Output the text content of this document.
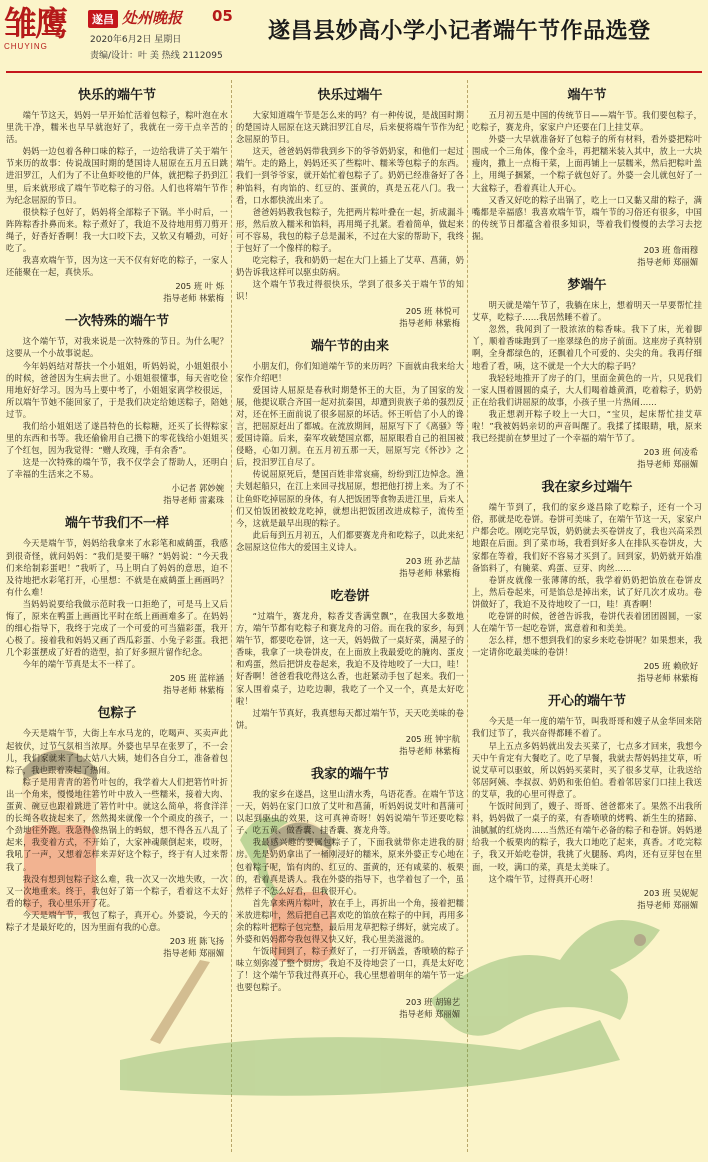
雏鹰
CHUYING
遂昌 处州晚报 05
2020年6月2日 星期日
责编/设计：叶 美 热线 2112095
遂昌县妙高小学小记者端午节作品选登
快乐的端午节

端午节这天，妈妈一早开始忙活着包粽子，粽叶泡在水里洗干净，糯米也早早就泡好了，我就在一旁干点辛苦的活。

妈妈一边包着各种口味的粽子，一边给我讲了关于端午节来历的故事：传说战国时期的楚国诗人屈原在五月五日跳进汨罗江，人们为了不让鱼虾咬他的尸体，就把粽子扔到江里，后来就形成了端午节吃粽子的习俗。人们也将端午节作为纪念屈原的节日。

很快粽子包好了，妈妈将全部粽子下锅。半小时后，一阵阵粽香扑鼻而来。粽子煮好了，我迫不及待地用剪刀剪开绳子，好香好香啊！我一大口咬下去，又软又有嚼劲，可好吃了。

我喜欢端午节，因为这一天不仅有好吃的粽子，一家人还能聚在一起，真快乐。

205 班 叶 烁
指导老师 林紫梅
一次特殊的端午节

这个端午节，对我来说是一次特殊的节日。为什么呢？这要从一个小故事说起。

今年妈妈结对帮扶一个小姐姐，听妈妈说，小姐姐很小的时候，爸爸因为生病去世了。小姐姐很懂事，每天省吃俭用地好好学习。因为马上要中考了，小姐姐家离学校很远，所以端午节她不能回家了，于是我们决定给她送粽子，陪她过节。

我们给小姐姐送了遂昌特色的长粽糖，还买了长得粽家里的东西和书等。我还偷偷用自己攒下的零花钱给小姐姐买了个红包，因为我觉得：“赠人玫瑰，手有余香”。

这是一次特殊的端午节，我不仅学会了帮助人，还明白了幸福的生活来之不易。

小记者 郭妙婉
指导老师 雷素珠
端午节我们不一样

今天是端午节，妈妈给我拿来了水彩笔和威鹤蛋，我感到很奇怪，就问妈妈：“我们是要干嘛？”妈妈说：“今天我们来给制彩蛋吧！”我听了，马上明白了妈妈的意思，迫不及待地把水彩笔打开，心里想：不就是在威鹤蛋上画画吗？有什么难！

当妈妈说要给我做示范时我一口拒绝了，可是马上又后悔了，原来在鸭蛋上画画比平时在纸上画画难多了。在妈妈的细心指导下，我终于完成了一个可爱的可当猫彩蛋，我开心极了。接着我和妈妈又画了西瓜彩蛋、小兔子彩蛋。我把几个彩蛋摆成了好看的造型，拍了好多照片留作纪念。

今年的端午节真是太不一样了。

205 班 蓝梓涵
指导老师 林紫梅
包粽子

今天是端午节，大街上车水马龙的，吃喝声、买卖声此起彼伏，过节气氛相当浓厚。外婆也早早在张罗了，不一会儿，我们家就来了七大姑八大姨，她们各自分工，准备着包粽子，我也跟着凑起了热闹。

粽子是用青青的箬竹叶包的，我学着大人们把箬竹叶折出一个角来，慢慢地往箬竹叶中放入一些糯米，接着大肉、蛋黄、碗豆也跟着跳进了箬竹叶中。就这么简单，将食洋洋的长绳各收拢起来了，然然揭来就像一个个顽皮的孩子，一个劲地往外跑。我急得像热锅上的蚂蚁，想不得各五八乱了起来，我变着方式，不开始了，大家神魂颠倒起来，哎呀，我吼了一声，又想着怎样来弄好这个粽子，终于有人过来帮我了。

我没有想到包粽子这么难，我一次又一次地失败，一次又一次地重来。终于，我包好了第一个粽子，看着这不太好看的粽子，我心里乐开了花。

今天是端午节，我包了粽子，真开心。外婆说，今天的粽子才是最好吃的，因为里面有我的心意。

203 班 陈飞扬
指导老师 郑丽媚
快乐过端午

大家知道端午节是怎么来的吗？有一种传说，是战国时期的楚国诗人屈原在这天跳汨罗江自尽，后来便将端午节作为纪念屈原的节日。

这天，爸爸妈妈带我到乡下的爷爷奶奶家，和他们一起过端午。走的路上，妈妈还买了些粽叶、糯米等包粽子的东西。我们一到爷爷家，就开始忙着包粽子了。奶奶已经准备好了各种馅料，有肉馅的、红豆的、蛋黄的，真是五花八门。我一看，口水都快流出来了。

爸爸妈妈教我包粽子，先把两片粽叶叠在一起，折成漏斗形，然后放入糯米和馅料，再用绳子扎紧。看着简单，做起来可不容易，我包的粽子总是漏米，不过在大家的帮助下，我终于包好了一个像样的粽子。

吃完粽子，我和奶奶一起在大门上插上了艾草、菖蒲，奶奶告诉我这样可以驱虫防病。

这个端午节我过得很快乐，学到了很多关于端午节的知识！

205 班 林悦可
指导老师 林紫梅
端午节的由来

小朋友们，你们知道端午节的来历吗？下面就由我来给大家作介绍吧！

爱国诗人屈原是春秋时期楚怀王的大臣，为了国家的发展，他提议联合齐国一起对抗秦国，却遭到贵族子弟的强烈反对，还在怀王面前说了很多屈原的坏话。怀王听信了小人的谗言，把屈原赶出了都城。在流放期间，屈原写下了《离骚》等爱国诗篇。后来，秦军攻破楚国京都，屈原眼看自己的祖国被侵略，心如刀割。在五月初五那一天，屈原写完《怀沙》之后，投汨罗江自尽了。

传说屈原死后，楚国百姓非常哀痛，纷纷到江边悼念。渔夫划起船只，在江上来回寻找屈原，想把他打捞上来。为了不让鱼虾吃掉屈原的身体，有人把饭团等食物丢进江里，后来人们又怕饭团被蛟龙吃掉，就想出把饭团改进成粽子，流传至今，这就是最早出现的粽子。

此后每到五月初五，人们都要赛龙舟和吃粽子，以此来纪念屈原这位伟大的爱国主义诗人。

203 班 孙艺喆
指导老师 林紫梅
吃卷饼

“过端午，赛龙舟，粽香艾香满堂飘”，在我国大多数地方，端午节都有吃粽子和赛龙舟的习俗。而在我的家乡，每到端午节，都要吃卷饼，这一天，妈妈做了一桌好菜，满屋子的香味，我拿了一块卷饼皮，在上面放上我最爱吃的腌肉、蛋皮和鸡蛋，然后把饼皮卷起来，我迫不及待地咬了一大口，哇！好香啊！爸爸看我吃得这么香，也赶紧动手包了起来。我们一家人围着桌子，边吃边聊，我吃了一个又一个，真是太好吃啦！

过端午节真好，我真想每天都过端午节，天天吃美味的卷饼。

205 班 钟宇航
指导老师 林紫梅
我家的端午节

我的家乡在遂昌，这里山清水秀，鸟语花香。在端午节这一天，妈妈在家门口放了艾叶和菖蒲，听妈妈说艾叶和菖蒲可以起到驱虫的效果，这可真神奇呀！妈妈说端午节还要吃粽子、吃五黄、做香囊、挂香囊、赛龙舟等。

我最感兴趣的要属包粽子了，下面我就带你走进我的厨房。先是奶奶拿出了一桶刚浸好的糯米，原来外婆正专心地在包着粽子呢，馅有肉的、红豆的、蛋黄的，还有咸菜的、板栗的，看着真是诱人。我在外婆的指导下，也学着包了一个，虽然样子不怎么好看，但我很开心。

首先拿来两片粽叶，放在手上，再折出一个角，接着把糯米放进粽叶，然后把自己喜欢吃的馅放在粽子的中间，再用多余的粽叶把粽子包完整，最后用龙草把粽子绑好，就完成了。外婆和妈妈都夸我包得又快又好，我心里美滋滋的。

午饭时间到了，粽子煮好了，一打开锅盖，香喷喷的粽子味立刻弥漫了整个厨房，我迫不及待地尝了一口，真是太好吃了！这个端午节我过得真开心，我心里想着明年的端午节一定也要包粽子。

203 班 胡锦艺
指导老师 郑丽媚
端午节

五月初五是中国的传统节日——端午节。我们要包粽子，吃粽子，赛龙舟，家家户户还要在门上挂艾草。

外婆一大早就准备好了包粽子的所有材料，看外婆把粽叶围成一个三角体，像个金斗，再把糯米装入其中，放上一大块瘦肉，撒上一点梅干菜，上面再铺上一层糯米，然后把粽叶盖上，用绳子捆紧，一个粽子就包好了。外婆一会儿就包好了一大盆粽子，看着真让人开心。

又香又好吃的粽子出锅了，吃上一口又黏又甜的粽子，满嘴都是幸福感！我喜欢端午节，端午节的习俗还有很多，中国的传统节日都蕴含着很多知识，等着我们慢慢的去学习去挖掘。

203 班 詹雨穆
指导老师 郑丽媚
梦端午

明天就是端午节了，我躺在床上，想着明天一早要帮忙挂艾草，吃粽子……我居然睡不着了。

忽然，我闻到了一股浓浓的粽香味。我下了床，光着脚丫，顺着香味跑到了一座翠绿色的房子前面。这座房子真特别啊，全身都绿色的，还飘着几个可爱的、尖尖的角。我再仔细地看了看，咦，这不就是一个大大的粽子吗？

我轻轻地推开了房子的门，里面金黄色的一片，只见我们一家人围着圆圆的桌子，大人们喝着雄黄酒，吃着粽子，奶奶正在给我们讲屈原的故事，小孩子里一片热闹……

我正想剥开粽子咬上一大口，“宝贝，起床帮忙挂艾草啦！”我被妈妈亲切的声音叫醒了。我揉了揉眼睛，哦，原来我已经提前在梦里过了一个幸福的端午节了。

203 班 何凌希
指导老师 郑丽媚
我在家乡过端午

端午节到了，我们的家乡遂昌除了吃粽子，还有一个习俗，那就是吃卷饼。卷饼可美味了，在端午节这一天，家家户户都会吃。刚吃完早饭，奶奶就去买卷饼皮了，我也兴高采烈地跟在后面。到了菜市场，我看到好多人在排队买卷饼皮，大家都在等着，我们好不容易才买到了。回到家，奶奶就开始准备馅料了，有腌菜、鸡蛋、豆芽、肉丝……

卷饼皮就像一张薄薄的纸，我学着奶奶把馅放在卷饼皮上，然后卷起来，可是馅总是掉出来，试了好几次才成功。卷饼做好了，我迫不及待地咬了一口，哇！真香啊！

吃卷饼的时候，爸爸告诉我，卷饼代表着团团圆圆，一家人在端午节一起吃卷饼，寓意着和和美美。

怎么样，想不想到我们的家乡来吃卷饼呢？如果想来，我一定请你吃最美味的卷饼！

205 班 赖欣好
指导老师 林紫梅
开心的端午节

今天是一年一度的端午节，叫我哥哥和嫂子从金华回来陪我们过节了，我兴奋得都睡不着了。

早上五点多妈妈就出发去买菜了，七点多才回来，我想今天中午肯定有大餐吃了。吃了早餐，我就去帮妈妈挂艾草，听说艾草可以驱蚊，所以妈妈买菜时，买了很多艾草，让我送给邻居阿姨、李叔叔、奶奶和张伯伯。看着邻居家门口挂上我送的艾草，我的心里可得意了。

午饭时间到了，嫂子、哥哥、爸爸都来了。果然不出我所料，妈妈做了一桌子的菜，有香喷喷的烤鸭、新生生的猪蹄、油腻腻的红烧肉……当然还有端午必备的粽子和卷饼。妈妈递给我一个板栗肉的粽子，我大口地吃了起来，真香。才吃完粽子，我又开始吃卷饼，我挑了火腿肠、鸡肉，还有豆芽包在里面，一咬，满口的菜，真是太美味了。

这个端午节，过得真开心呀！

203 班 吴妮妮
指导老师 郑丽媚
